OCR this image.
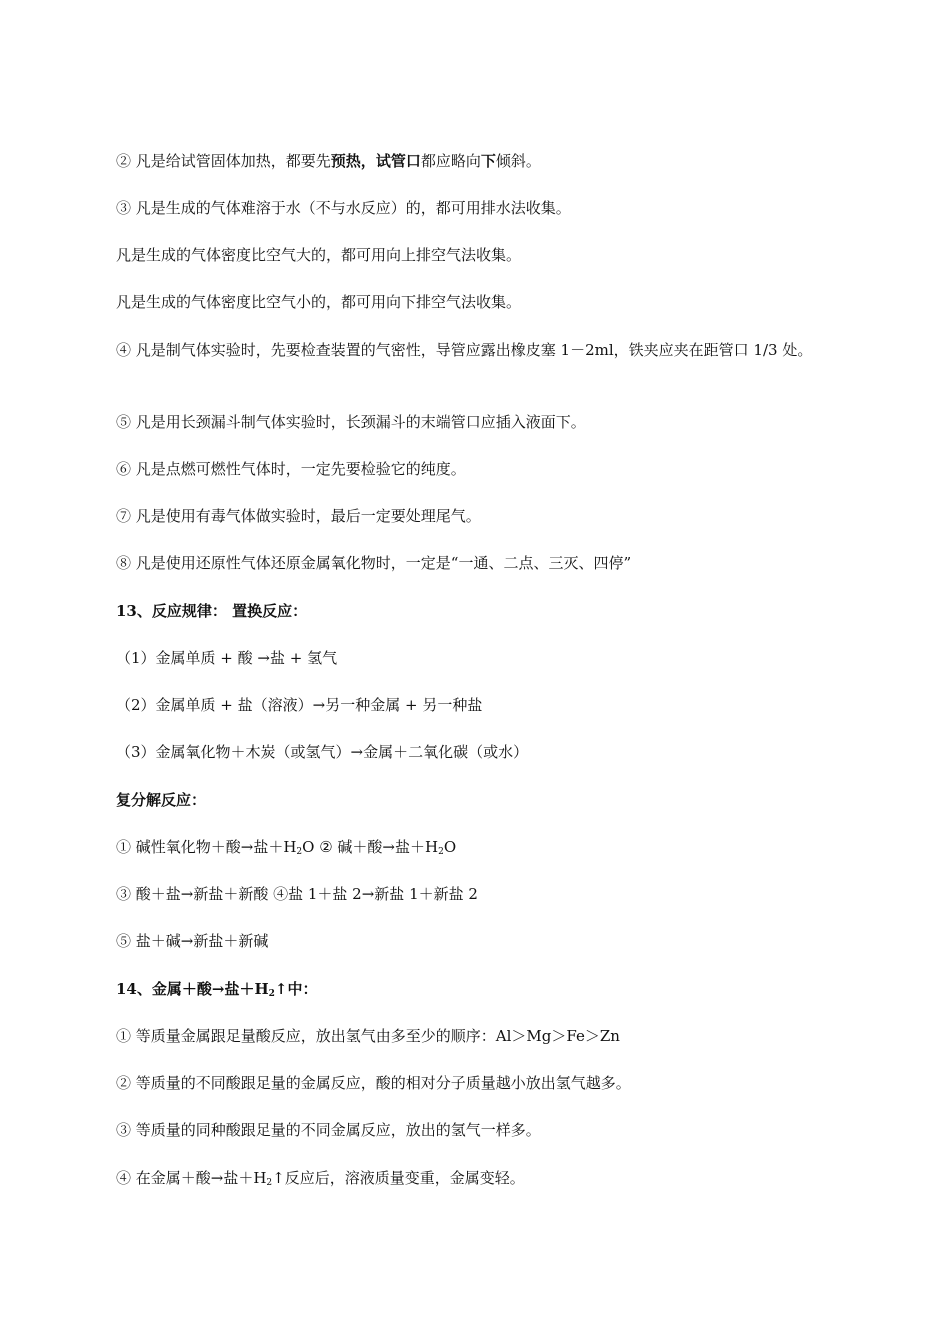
② 凡是给试管固体加热，都要先预热，试管口都应略向下倾斜。
③ 凡是生成的气体难溶于水（不与水反应）的，都可用排水法收集。
凡是生成的气体密度比空气大的，都可用向上排空气法收集。
凡是生成的气体密度比空气小的，都可用向下排空气法收集。
④ 凡是制气体实验时，先要检查装置的气密性，导管应露出橡皮塞 1－2ml，铁夹应夹在距管口 1/3 处。
⑤ 凡是用长颈漏斗制气体实验时，长颈漏斗的末端管口应插入液面下。
⑥ 凡是点燃可燃性气体时，一定先要检验它的纯度。
⑦ 凡是使用有毒气体做实验时，最后一定要处理尾气。
⑧ 凡是使用还原性气体还原金属氧化物时，一定是“一通、二点、三灭、四停”
13、反应规律： 置换反应：
（1）金属单质 + 酸 →盐 + 氢气
（2）金属单质 + 盐（溶液）→另一种金属 + 另一种盐
（3）金属氧化物＋木炭（或氢气）→金属＋二氧化碳（或水）
复分解反应：
① 碱性氧化物＋酸→盐$+H_2O$ ② 碱＋酸→盐$+H_2O$
③ 酸＋盐→新盐＋新酸 ④盐 1＋盐 2→新盐 1＋新盐 2
⑤ 盐＋碱→新盐＋新碱
14、金属＋酸→盐$+H_2↑$中：
① 等质量金属跟足量酸反应，放出氢气由多至少的顺序：Al＞Mg＞Fe＞Zn
② 等质量的不同酸跟足量的金属反应，酸的相对分子质量越小放出氢气越多。
③ 等质量的同种酸跟足量的不同金属反应，放出的氢气一样多。
④ 在金属＋酸→盐$+H_2↑$反应后，溶液质量变重，金属变轻。
